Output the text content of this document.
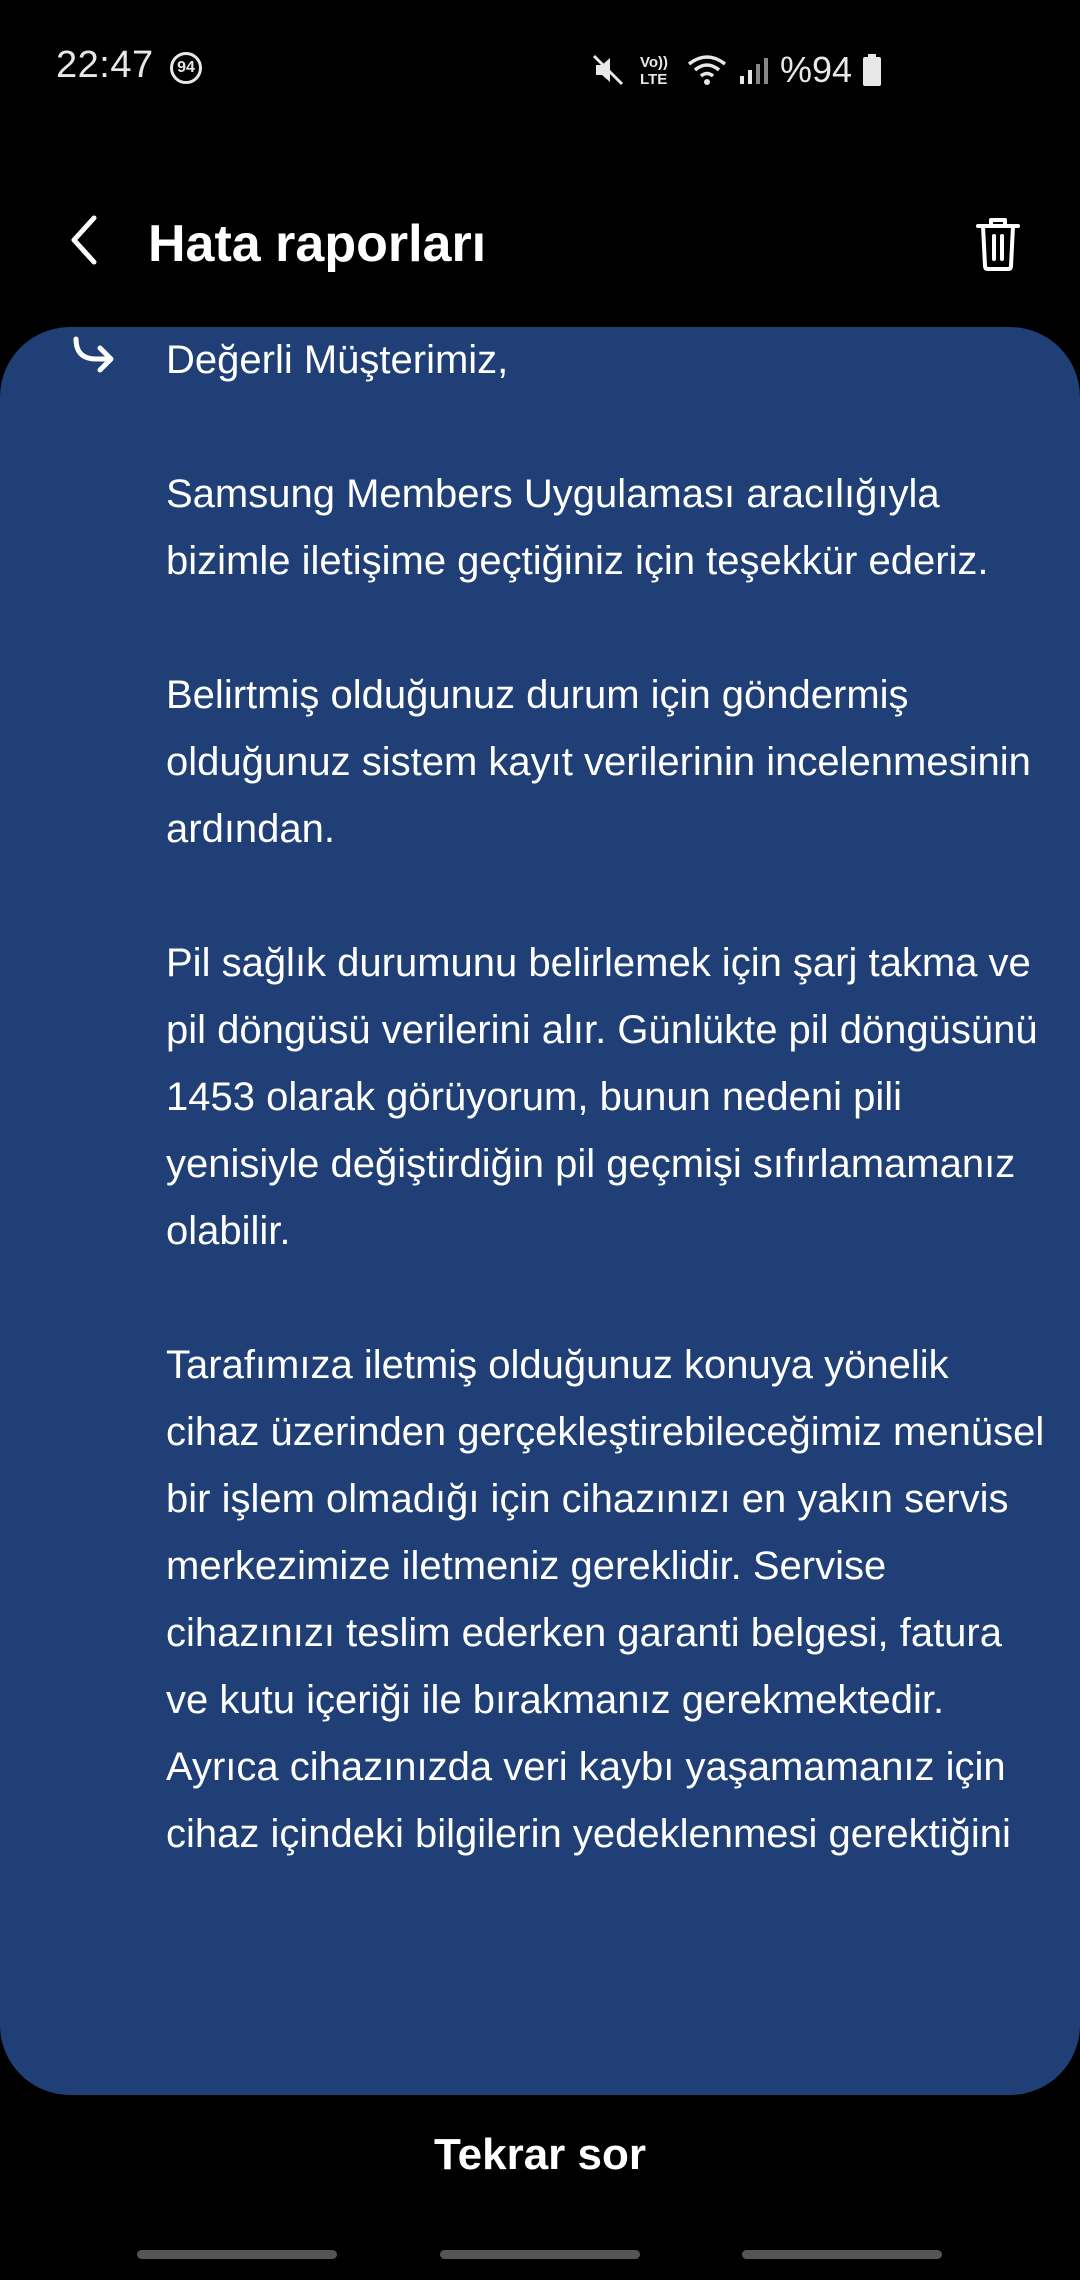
22:47	94	Vo))
LTE	%94
Hata raporları
Değerli Müşterimiz,

Samsung Members Uygulaması aracılığıyla bizimle iletişime geçtiğiniz için teşekkür ederiz.

Belirtmiş olduğunuz durum için göndermiş olduğunuz sistem kayıt verilerinin incelenmesinin ardından.

Pil sağlık durumunu belirlemek için şarj takma ve pil döngüsü verilerini alır. Günlükte pil döngüsünü 1453 olarak görüyorum, bunun nedeni pili yenisiyle değiştirdiğin pil geçmişi sıfırlamamanız olabilir.

Tarafımıza iletmiş olduğunuz konuya yönelik cihaz üzerinden gerçekleştirebileceğimiz menüsel bir işlem olmadığı için cihazınızı en yakın servis merkezimize iletmeniz gereklidir. Servise cihazınızı teslim ederken garanti belgesi, fatura ve kutu içeriği ile bırakmanız gerekmektedir. Ayrıca cihazınızda veri kaybı yaşamamanız için cihaz içindeki bilgilerin yedeklenmesi gerektiğini
Tekrar sor
